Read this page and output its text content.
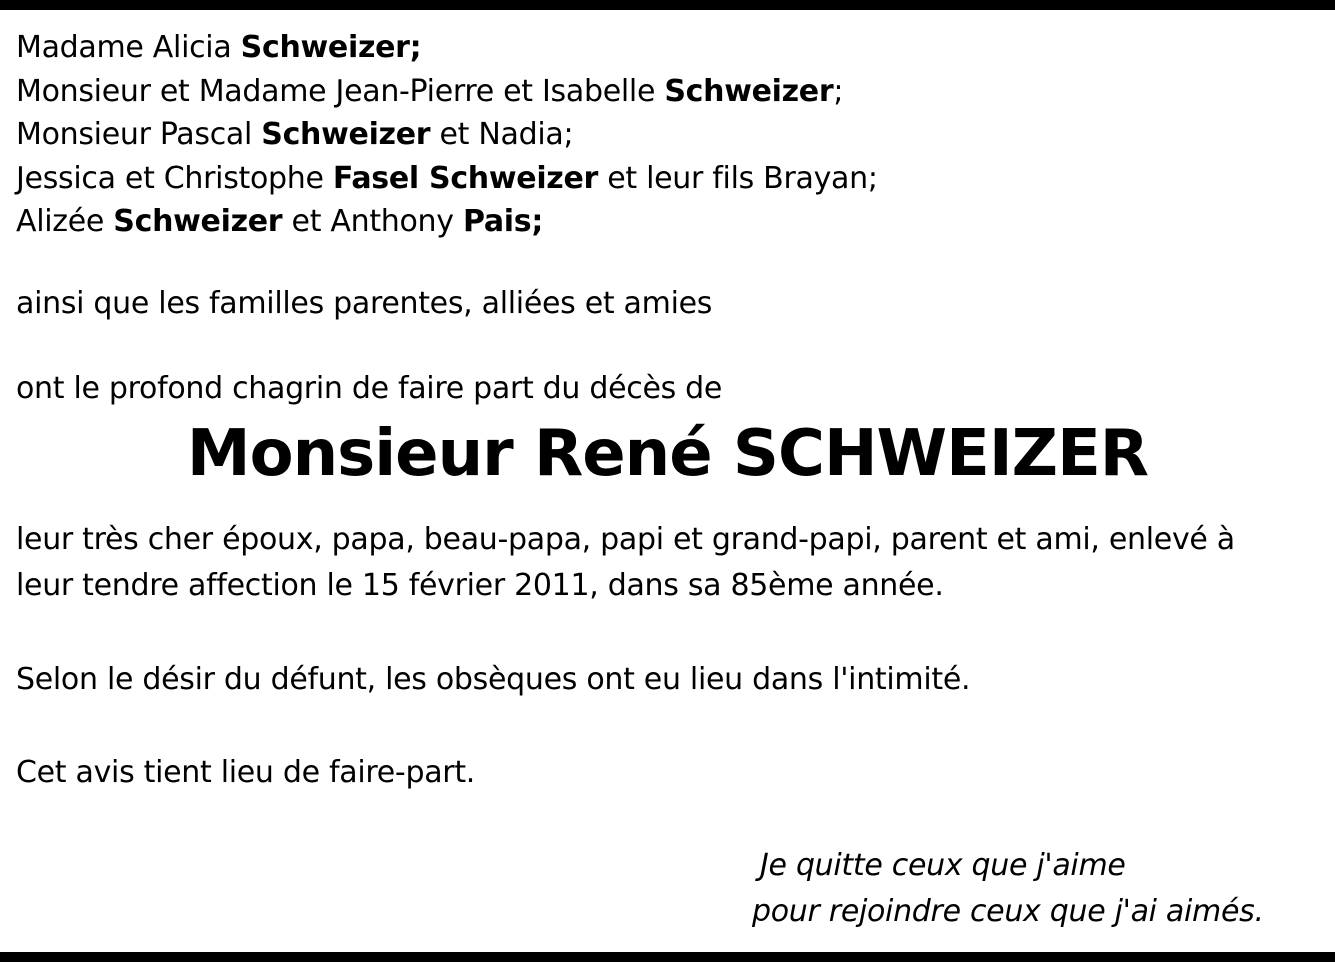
Madame Alicia Schweizer;
Monsieur et Madame Jean-Pierre et Isabelle Schweizer;
Monsieur Pascal Schweizer et Nadia;
Jessica et Christophe Fasel Schweizer et leur fils Brayan;
Alizée Schweizer et Anthony Pais;
ainsi que les familles parentes, alliées et amies
ont le profond chagrin de faire part du décès de
Monsieur René SCHWEIZER
leur très cher époux, papa, beau-papa, papi et grand-papi, parent et ami, enlevé à
leur tendre affection le 15 février 2011, dans sa 85ème année.
Selon le désir du défunt, les obsèques ont eu lieu dans l'intimité.
Cet avis tient lieu de faire-part.
Je quitte ceux que j'aime
pour rejoindre ceux que j'ai aimés.
